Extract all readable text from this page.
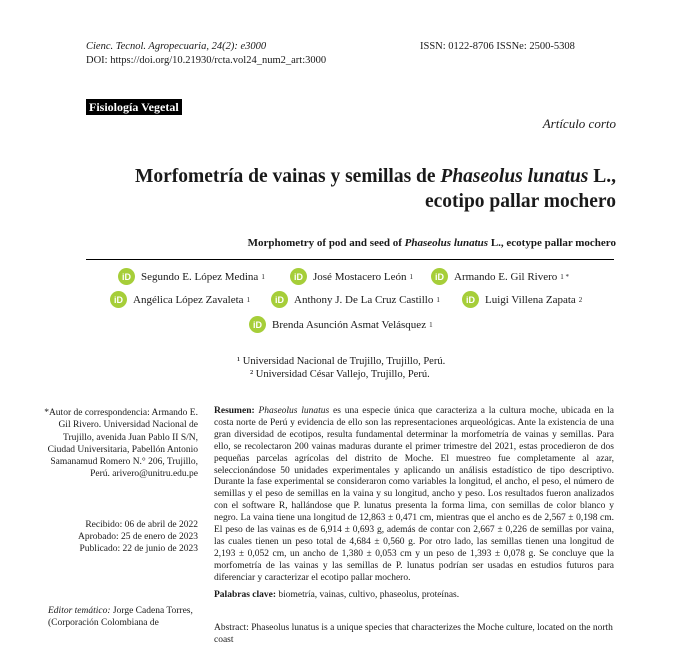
Cienc. Tecnol. Agropecuaria, 24(2): e3000
DOI: https://doi.org/10.21930/rcta.vol24_num2_art:3000
ISSN: 0122-8706 ISSNe: 2500-5308
Fisiología Vegetal
Artículo corto
Morfometría de vainas y semillas de Phaseolus lunatus L.,
ecotipo pallar mochero
Morphometry of pod and seed of Phaseolus lunatus L., ecotype pallar mochero
iD Segundo E. López Medina 1	iD José Mostacero León 1	iD Armando E. Gil Rivero 1 *
iD Angélica López Zavaleta 1	iD Anthony J. De La Cruz Castillo 1	iD Luigi Villena Zapata 2
iD Brenda Asunción Asmat Velásquez 1
¹ Universidad Nacional de Trujillo, Trujillo, Perú.
² Universidad César Vallejo, Trujillo, Perú.
*Autor de correspondencia: Armando E. Gil Rivero. Universidad Nacional de Trujillo, avenida Juan Pablo II S/N, Ciudad Universitaria, Pabellón Antonio Samanamud Romero N.° 206, Trujillo, Perú. arivero@unitru.edu.pe
Recibido: 06 de abril de 2022
Aprobado: 25 de enero de 2023
Publicado: 22 de junio de 2023
Editor temático: Jorge Cadena Torres, (Corporación Colombiana de
Resumen: Phaseolus lunatus es una especie única que caracteriza a la cultura moche, ubicada en la costa norte de Perú y evidencia de ello son las representaciones arqueológicas. Ante la existencia de una gran diversidad de ecotipos, resulta fundamental determinar la morfometría de vainas y semillas. Para ello, se recolectaron 200 vainas maduras durante el primer trimestre del 2021, estas procedieron de dos pequeñas parcelas agrícolas del distrito de Moche. El muestreo fue completamente al azar, seleccionándose 50 unidades experimentales y aplicando un análisis estadístico de tipo descriptivo. Durante la fase experimental se consideraron como variables la longitud, el ancho, el peso, el número de semillas y el peso de semillas en la vaina y su longitud, ancho y peso. Los resultados fueron analizados con el software R, hallándose que P. lunatus presenta la forma lima, con semillas de color blanco y negro. La vaina tiene una longitud de 12,863 ± 0,471 cm, mientras que el ancho es de 2,567 ± 0,198 cm. El peso de las vainas es de 6,914 ± 0,693 g, además de contar con 2,667 ± 0,226 de semillas por vaina, las cuales tienen un peso total de 4,684 ± 0,560 g. Por otro lado, las semillas tienen una longitud de 2,193 ± 0,052 cm, un ancho de 1,380 ± 0,053 cm y un peso de 1,393 ± 0,078 g. Se concluye que la morfometría de las vainas y las semillas de P. lunatus podrían ser usadas en estudios futuros para diferenciar y caracterizar el ecotipo pallar mochero.
Palabras clave: biometría, vainas, cultivo, phaseolus, proteínas.
Abstract: Phaseolus lunatus is a unique species that characterizes the Moche culture, located on the north coast
